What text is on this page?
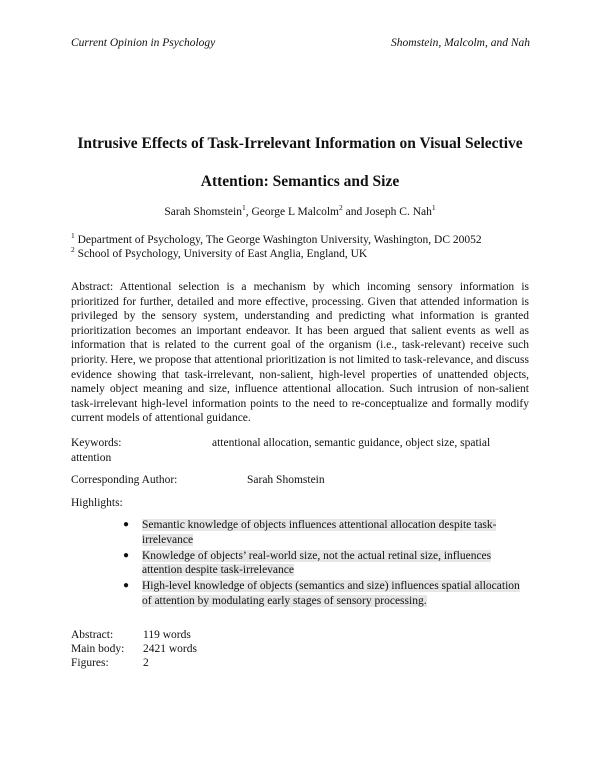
Current Opinion in Psychology	Shomstein, Malcolm, and Nah
Intrusive Effects of Task-Irrelevant Information on Visual Selective
Attention: Semantics and Size
Sarah Shomstein$^1$, George L Malcolm$^2$ and Joseph C. Nah$^1$
$^1$ Department of Psychology, The George Washington University, Washington, DC 20052
$^2$ School of Psychology, University of East Anglia, England, UK
Abstract: Attentional selection is a mechanism by which incoming sensory information is prioritized for further, detailed and more effective, processing. Given that attended information is privileged by the sensory system, understanding and predicting what information is granted prioritization becomes an important endeavor. It has been argued that salient events as well as information that is related to the current goal of the organism (i.e., task-relevant) receive such priority. Here, we propose that attentional prioritization is not limited to task-relevance, and discuss evidence showing that task-irrelevant, non-salient, high-level properties of unattended objects, namely object meaning and size, influence attentional allocation. Such intrusion of non-salient task-irrelevant high-level information points to the need to re-conceptualize and formally modify current models of attentional guidance.
Keywords:	attentional allocation, semantic guidance, object size, spatial attention
Corresponding Author:	Sarah Shomstein
Highlights:
● Semantic knowledge of objects influences attentional allocation despite task-irrelevance
● Knowledge of objects’ real-world size, not the actual retinal size, influences attention despite task-irrelevance
● High-level knowledge of objects (semantics and size) influences spatial allocation of attention by modulating early stages of sensory processing.
Abstract:	119 words
Main body: 2421 words
Figures:	2
